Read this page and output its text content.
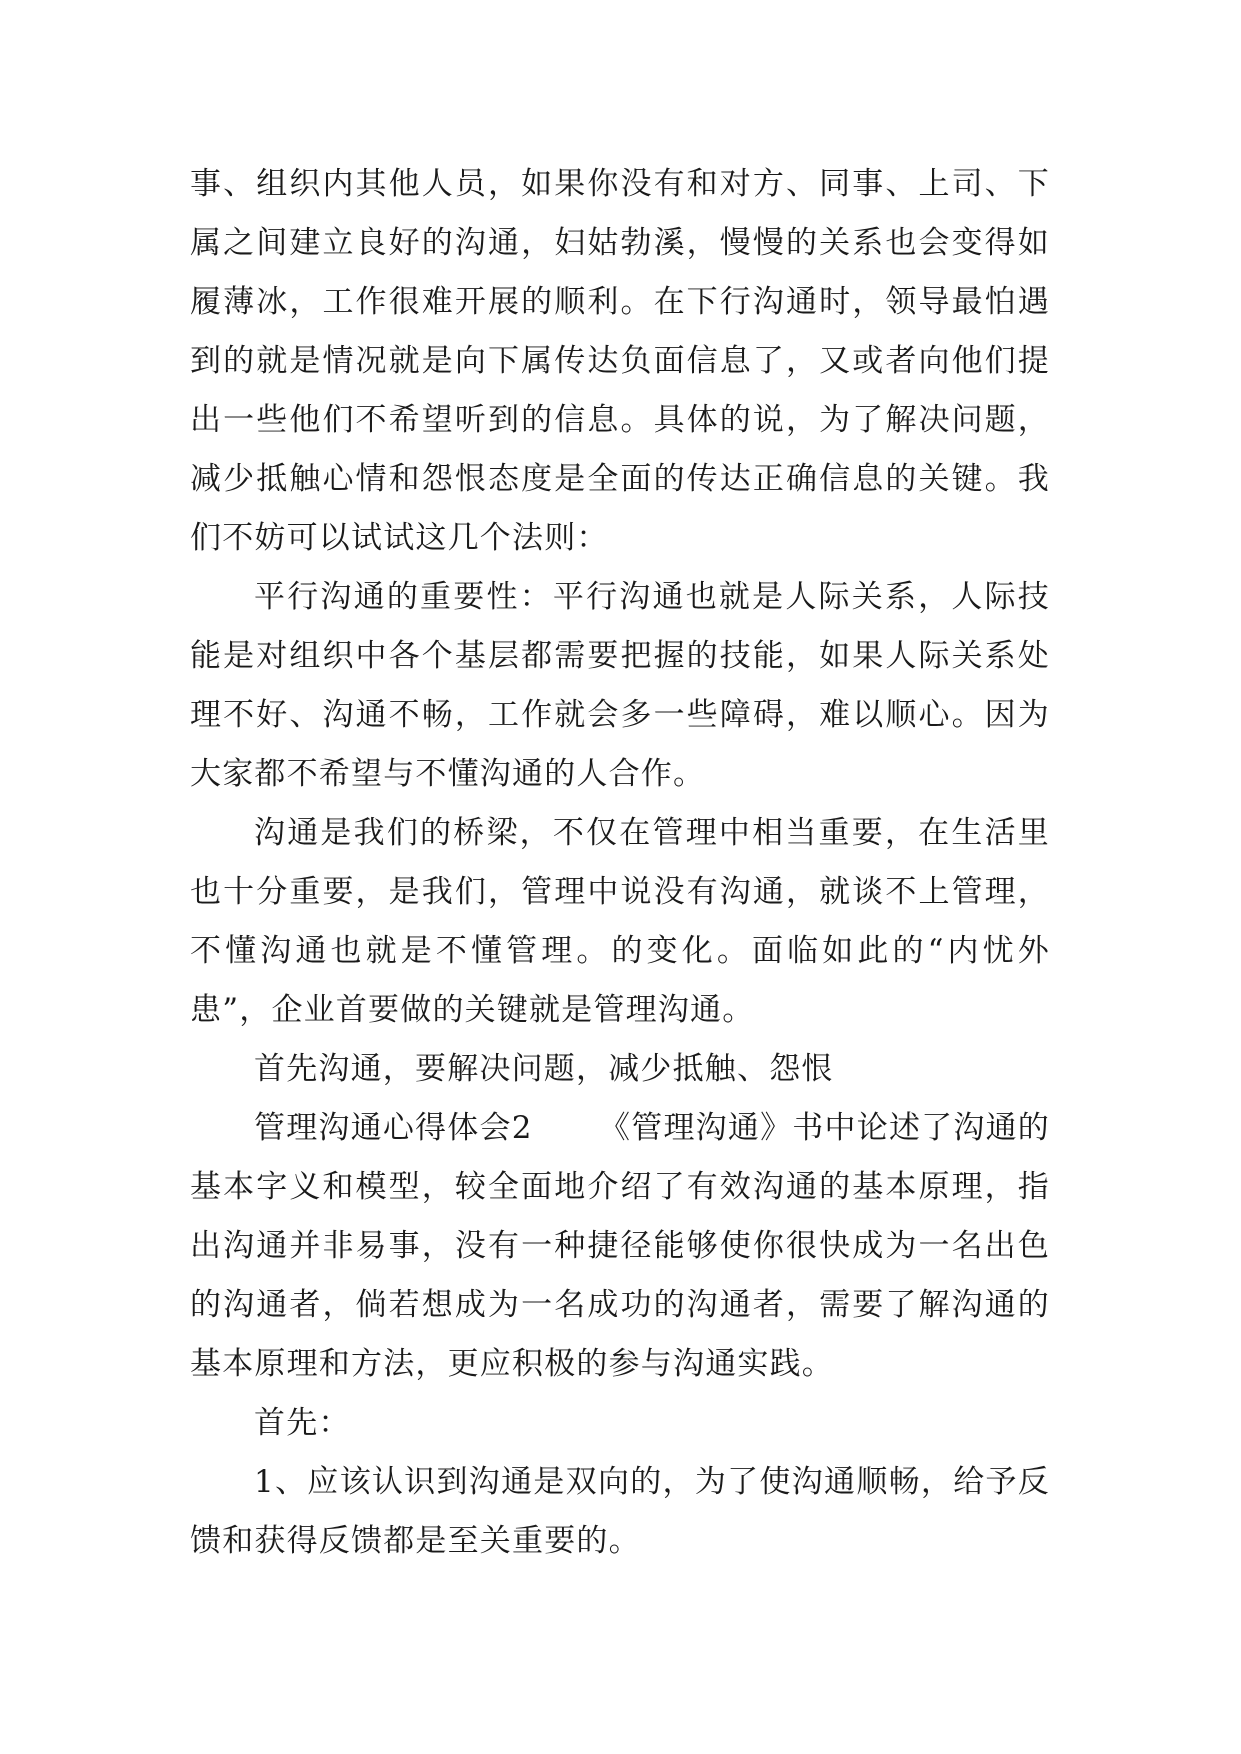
事、组织内其他人员，如果你没有和对方、同事、上司、下属之间建立良好的沟通，妇姑勃溪，慢慢的关系也会变得如履薄冰，工作很难开展的顺利。在下行沟通时，领导最怕遇到的就是情况就是向下属传达负面信息了，又或者向他们提出一些他们不希望听到的信息。具体的说，为了解决问题，减少抵触心情和怨恨态度是全面的传达正确信息的关键。我们不妨可以试试这几个法则：

平行沟通的重要性：平行沟通也就是人际关系，人际技能是对组织中各个基层都需要把握的技能，如果人际关系处理不好、沟通不畅，工作就会多一些障碍，难以顺心。因为大家都不希望与不懂沟通的人合作。

沟通是我们的桥梁，不仅在管理中相当重要，在生活里也十分重要，是我们，管理中说没有沟通，就谈不上管理，不懂沟通也就是不懂管理。的变化。面临如此的“内忧外患”，企业首要做的关键就是管理沟通。

首先沟通，要解决问题，减少抵触、怨恨

管理沟通心得体会2 《管理沟通》书中论述了沟通的基本字义和模型，较全面地介绍了有效沟通的基本原理，指出沟通并非易事，没有一种捷径能够使你很快成为一名出色的沟通者，倘若想成为一名成功的沟通者，需要了解沟通的基本原理和方法，更应积极的参与沟通实践。

首先：

1、应该认识到沟通是双向的，为了使沟通顺畅，给予反馈和获得反馈都是至关重要的。
